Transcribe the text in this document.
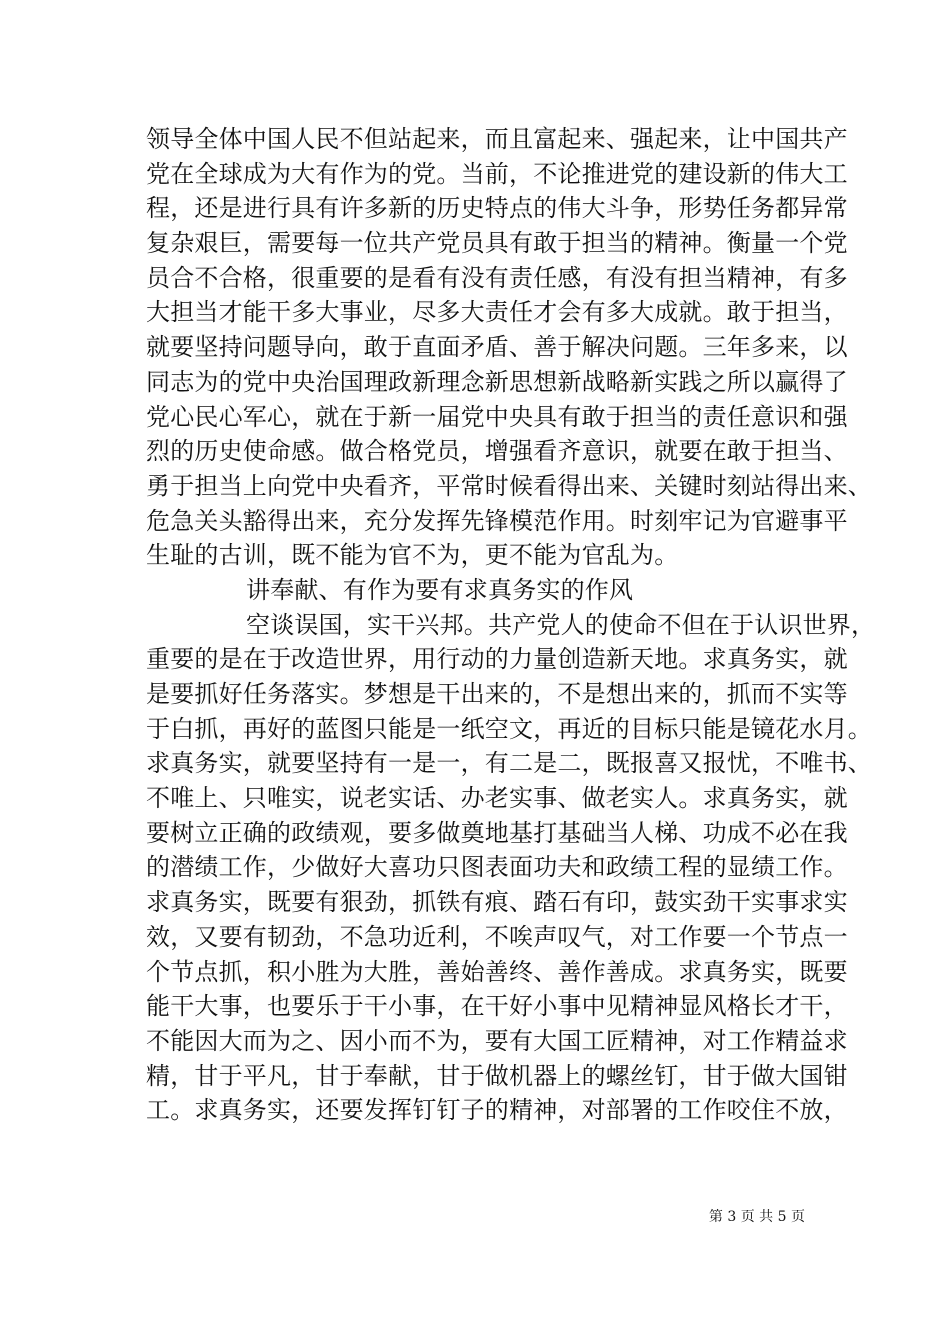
领导全体中国人民不但站起来，而且富起来、强起来，让中国共产
党在全球成为大有作为的党。当前，不论推进党的建设新的伟大工
程，还是进行具有许多新的历史特点的伟大斗争，形势任务都异常
复杂艰巨，需要每一位共产党员具有敢于担当的精神。衡量一个党
员合不合格，很重要的是看有没有责任感，有没有担当精神，有多
大担当才能干多大事业，尽多大责任才会有多大成就。敢于担当，
就要坚持问题导向，敢于直面矛盾、善于解决问题。三年多来，以
同志为的党中央治国理政新理念新思想新战略新实践之所以赢得了
党心民心军心，就在于新一届党中央具有敢于担当的责任意识和强
烈的历史使命感。做合格党员，增强看齐意识，就要在敢于担当、
勇于担当上向党中央看齐，平常时候看得出来、关键时刻站得出来、
危急关头豁得出来，充分发挥先锋模范作用。时刻牢记为官避事平
生耻的古训，既不能为官不为，更不能为官乱为。
讲奉献、有作为要有求真务实的作风
空谈误国，实干兴邦。共产党人的使命不但在于认识世界，
重要的是在于改造世界，用行动的力量创造新天地。求真务实，就
是要抓好任务落实。梦想是干出来的，不是想出来的，抓而不实等
于白抓，再好的蓝图只能是一纸空文，再近的目标只能是镜花水月。
求真务实，就要坚持有一是一，有二是二，既报喜又报忧，不唯书、
不唯上、只唯实，说老实话、办老实事、做老实人。求真务实，就
要树立正确的政绩观，要多做奠地基打基础当人梯、功成不必在我
的潜绩工作，少做好大喜功只图表面功夫和政绩工程的显绩工作。
求真务实，既要有狠劲，抓铁有痕、踏石有印，鼓实劲干实事求实
效，又要有韧劲，不急功近利，不唉声叹气，对工作要一个节点一
个节点抓，积小胜为大胜，善始善终、善作善成。求真务实，既要
能干大事，也要乐于干小事，在干好小事中见精神显风格长才干，
不能因大而为之、因小而不为，要有大国工匠精神，对工作精益求
精，甘于平凡，甘于奉献，甘于做机器上的螺丝钉，甘于做大国钳
工。求真务实，还要发挥钉钉子的精神，对部署的工作咬住不放，
第 3 页 共 5 页
